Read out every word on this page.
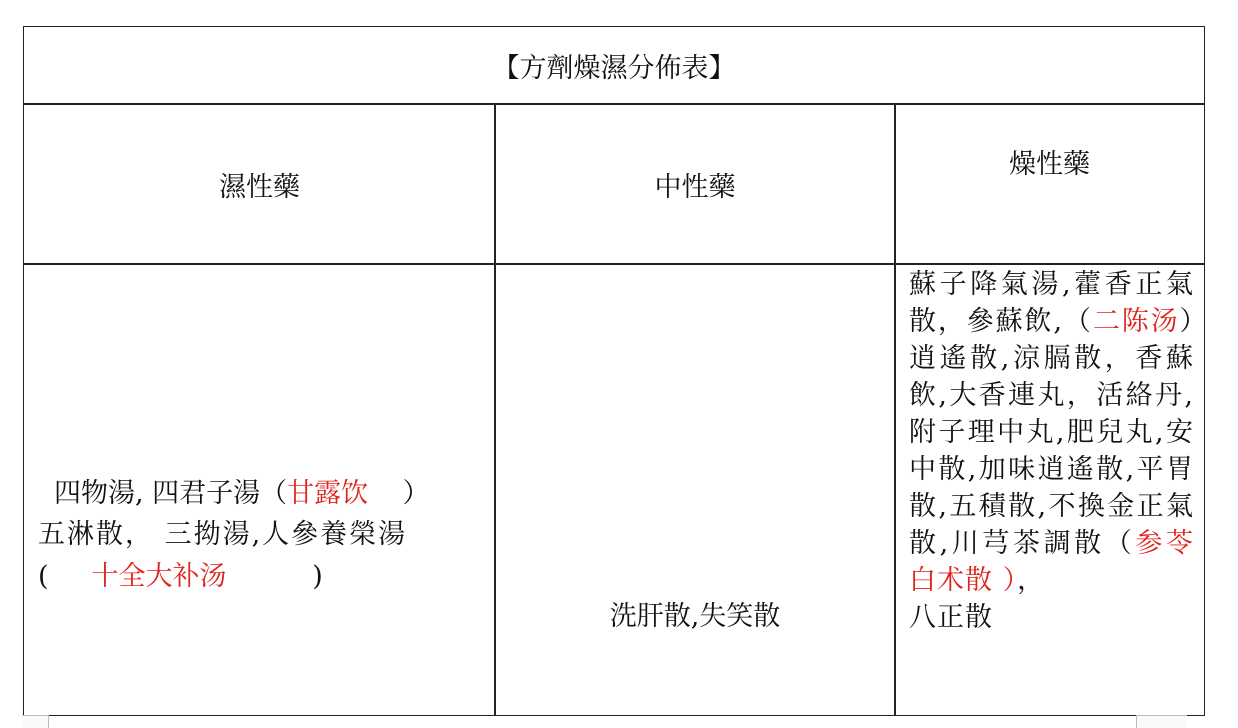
【方劑燥濕分佈表】
濕性藥	中性藥
燥性藥
四物湯, 四君子湯（甘露饮    ）
五淋散， 三拗湯,人參養榮湯
(     十全大补汤          )
洗肝散,失笑散
蘇子降氣湯,藿香正氣散，參蘇飲,（二陈汤）逍遙散,涼膈散，香蘇飲,大香連丸，活絡丹,附子理中丸,肥兒丸,安中散,加味逍遙散,平胃散,五積散,不換金正氣散,川芎茶調散（参苓白术散 ），
八正散
